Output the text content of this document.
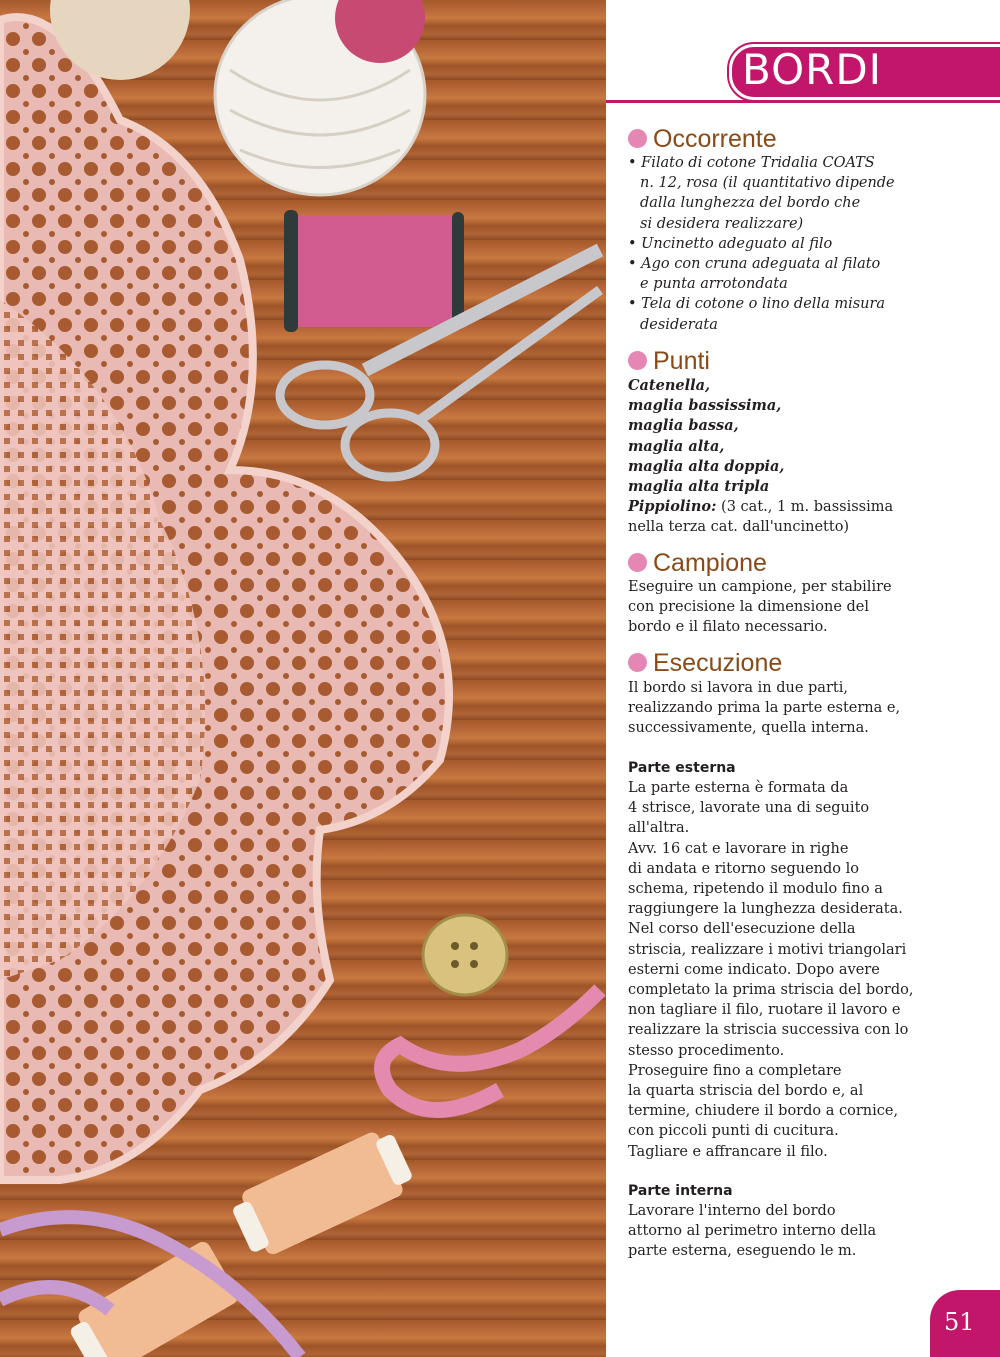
BORDI
Occorrente
• Filato di cotone Tridalia COATS
n. 12, rosa (il quantitativo dipende
dalla lunghezza del bordo che
si desidera realizzare)
• Uncinetto adeguato al filo
• Ago con cruna adeguata al filato
e punta arrotondata
• Tela di cotone o lino della misura
desiderata
Punti
Catenella,
maglia bassissima,
maglia bassa,
maglia alta,
maglia alta doppia,
maglia alta tripla
Pippiolino: (3 cat., 1 m. bassissima
nella terza cat. dall'uncinetto)
Campione
Eseguire un campione, per stabilire
con precisione la dimensione del
bordo e il filato necessario.
Esecuzione
Il bordo si lavora in due parti,
realizzando prima la parte esterna e,
successivamente, quella interna.
Parte esterna
La parte esterna è formata da
4 strisce, lavorate una di seguito
all'altra.
Avv. 16 cat e lavorare in righe
di andata e ritorno seguendo lo
schema, ripetendo il modulo fino a
raggiungere la lunghezza desiderata.
Nel corso dell'esecuzione della
striscia, realizzare i motivi triangolari
esterni come indicato. Dopo avere
completato la prima striscia del bordo,
non tagliare il filo, ruotare il lavoro e
realizzare la striscia successiva con lo
stesso procedimento.
Proseguire fino a completare
la quarta striscia del bordo e, al
termine, chiudere il bordo a cornice,
con piccoli punti di cucitura.
Tagliare e affrancare il filo.
Parte interna
Lavorare l'interno del bordo
attorno al perimetro interno della
parte esterna, eseguendo le m.
51
